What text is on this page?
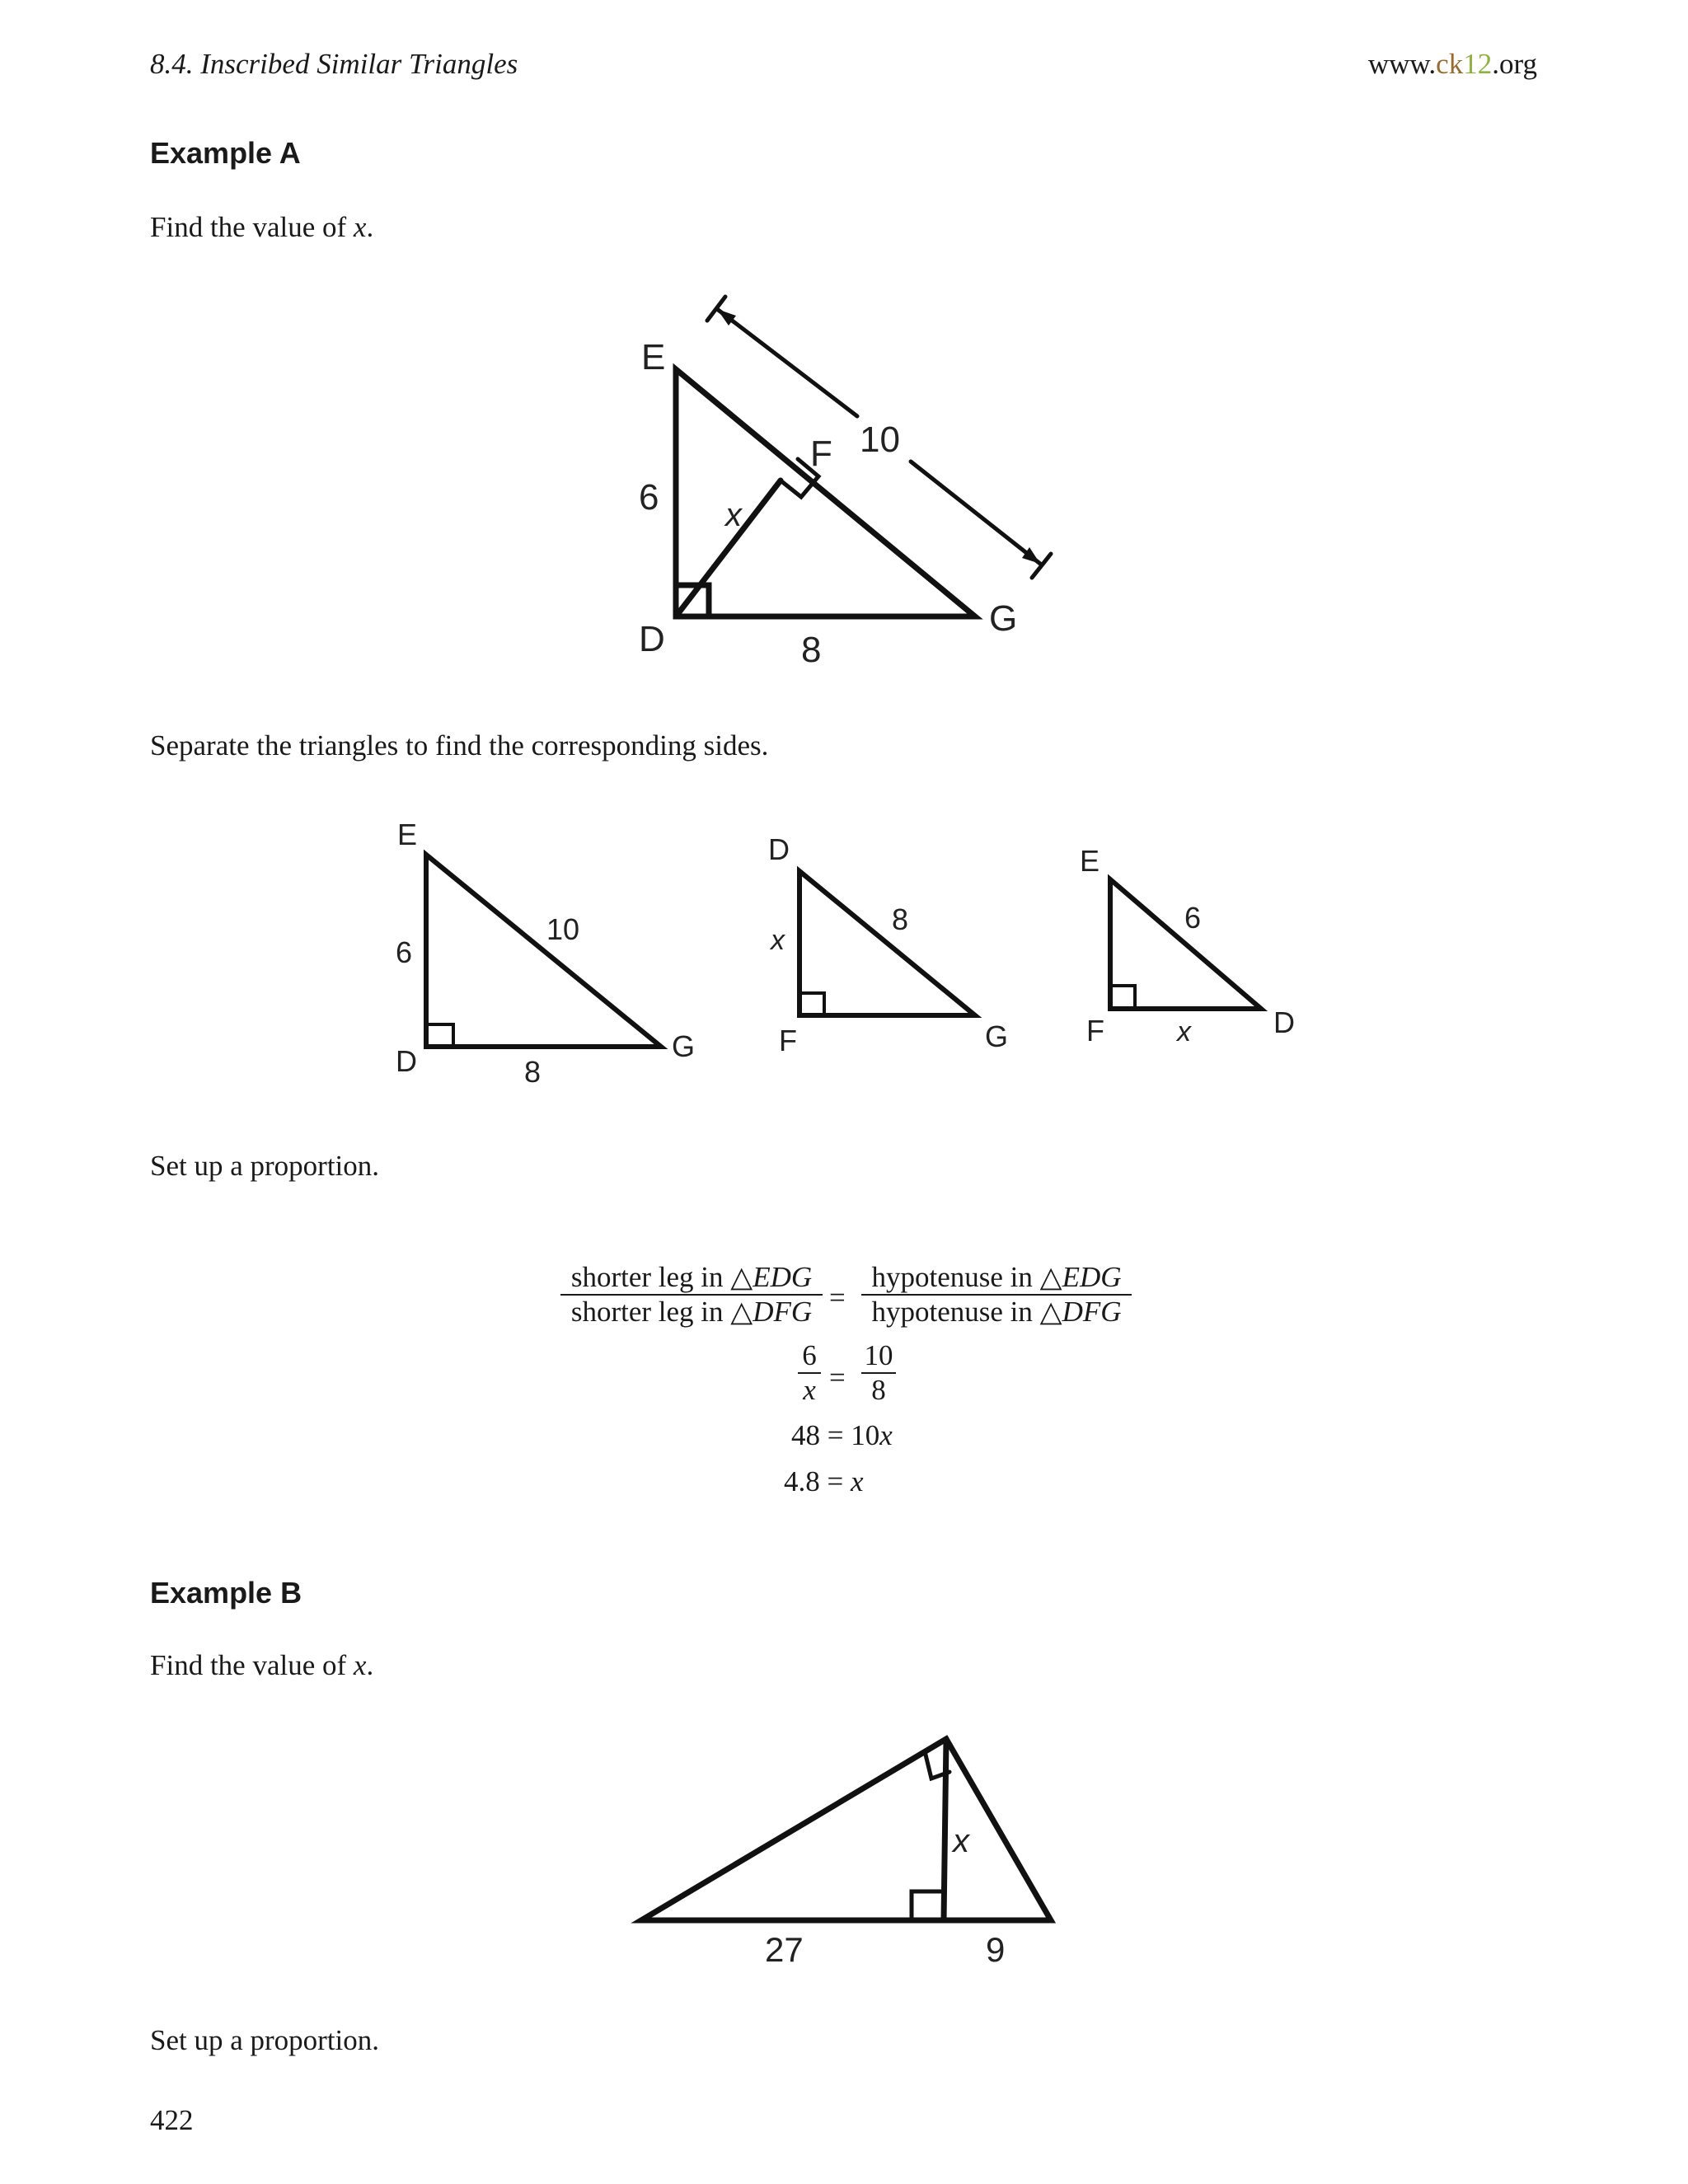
8.4. Inscribed Similar Triangles	www.ck12.org
Example A
Find the value of x.
E
F
D
G
6
8
10
x
Separate the triangles to find the corresponding sides.
E
D	G
6
8
10
D
F	G
x
8
E
F	D
x
6
Set up a proportion.
shorter leg in △EDG
shorter leg in △DFG =
hypotenuse in △EDG
hypotenuse in △DFG
$\frac{6}{x} = \frac{10}{8}$
48 = 10x
4.8 = x
Example B
Find the value of x.
27	9
x
Set up a proportion.
422
